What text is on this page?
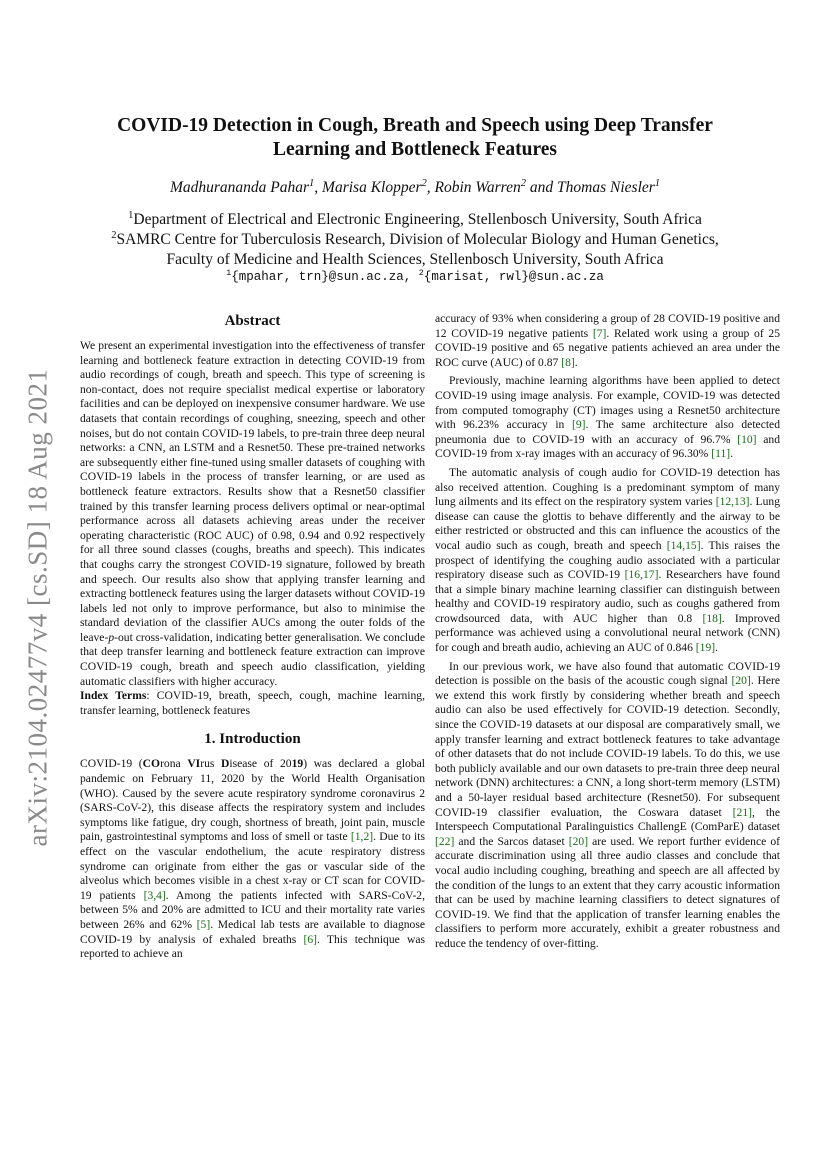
arXiv:2104.02477v4 [cs.SD] 18 Aug 2021
COVID-19 Detection in Cough, Breath and Speech using Deep Transfer Learning and Bottleneck Features
Madhurananda Pahar$^1$, Marisa Klopper$^2$, Robin Warren$^2$ and Thomas Niesler$^1$
$^1$Department of Electrical and Electronic Engineering, Stellenbosch University, South Africa
$^2$SAMRC Centre for Tuberculosis Research, Division of Molecular Biology and Human Genetics,
Faculty of Medicine and Health Sciences, Stellenbosch University, South Africa
$^1${mpahar, trn}@sun.ac.za, $^2${marisat, rwl}@sun.ac.za
Abstract

We present an experimental investigation into the effectiveness of transfer learning and bottleneck feature extraction in detecting COVID-19 from audio recordings of cough, breath and speech. This type of screening is non-contact, does not require specialist medical expertise or laboratory facilities and can be deployed on inexpensive consumer hardware. We use datasets that contain recordings of coughing, sneezing, speech and other noises, but do not contain COVID-19 labels, to pre-train three deep neural networks: a CNN, an LSTM and a Resnet50. These pre-trained networks are subsequently either fine-tuned using smaller datasets of coughing with COVID-19 labels in the process of transfer learning, or are used as bottleneck feature extractors. Results show that a Resnet50 classifier trained by this transfer learning process delivers optimal or near-optimal performance across all datasets achieving areas under the receiver operating characteristic (ROC AUC) of 0.98, 0.94 and 0.92 respectively for all three sound classes (coughs, breaths and speech). This indicates that coughs carry the strongest COVID-19 signature, followed by breath and speech. Our results also show that applying transfer learning and extracting bottleneck features using the larger datasets without COVID-19 labels led not only to improve performance, but also to minimise the standard deviation of the classifier AUCs among the outer folds of the leave-p-out cross-validation, indicating better generalisation. We conclude that deep transfer learning and bottleneck feature extraction can improve COVID-19 cough, breath and speech audio classification, yielding automatic classifiers with higher accuracy.

Index Terms: COVID-19, breath, speech, cough, machine learning, transfer learning, bottleneck features

1. Introduction

COVID-19 (COrona VIrus Disease of 2019) was declared a global pandemic on February 11, 2020 by the World Health Organisation (WHO). Caused by the severe acute respiratory syndrome coronavirus 2 (SARS-CoV-2), this disease affects the respiratory system and includes symptoms like fatigue, dry cough, shortness of breath, joint pain, muscle pain, gastrointestinal symptoms and loss of smell or taste [1,2]. Due to its effect on the vascular endothelium, the acute respiratory distress syndrome can originate from either the gas or vascular side of the alveolus which becomes visible in a chest x-ray or CT scan for COVID-19 patients [3,4]. Among the patients infected with SARS-CoV-2, between 5% and 20% are admitted to ICU and their mortality rate varies between 26% and 62% [5]. Medical lab tests are available to diagnose COVID-19 by analysis of exhaled breaths [6]. This technique was reported to achieve an

accuracy of 93% when considering a group of 28 COVID-19 positive and 12 COVID-19 negative patients [7]. Related work using a group of 25 COVID-19 positive and 65 negative patients achieved an area under the ROC curve (AUC) of 0.87 [8].

Previously, machine learning algorithms have been applied to detect COVID-19 using image analysis. For example, COVID-19 was detected from computed tomography (CT) images using a Resnet50 architecture with 96.23% accuracy in [9]. The same architecture also detected pneumonia due to COVID-19 with an accuracy of 96.7% [10] and COVID-19 from x-ray images with an accuracy of 96.30% [11].

The automatic analysis of cough audio for COVID-19 detection has also received attention. Coughing is a predominant symptom of many lung ailments and its effect on the respiratory system varies [12,13]. Lung disease can cause the glottis to behave differently and the airway to be either restricted or obstructed and this can influence the acoustics of the vocal audio such as cough, breath and speech [14,15]. This raises the prospect of identifying the coughing audio associated with a particular respiratory disease such as COVID-19 [16,17]. Researchers have found that a simple binary machine learning classifier can distinguish between healthy and COVID-19 respiratory audio, such as coughs gathered from crowdsourced data, with AUC higher than 0.8 [18]. Improved performance was achieved using a convolutional neural network (CNN) for cough and breath audio, achieving an AUC of 0.846 [19].

In our previous work, we have also found that automatic COVID-19 detection is possible on the basis of the acoustic cough signal [20]. Here we extend this work firstly by considering whether breath and speech audio can also be used effectively for COVID-19 detection. Secondly, since the COVID-19 datasets at our disposal are comparatively small, we apply transfer learning and extract bottleneck features to take advantage of other datasets that do not include COVID-19 labels. To do this, we use both publicly available and our own datasets to pre-train three deep neural network (DNN) architectures: a CNN, a long short-term memory (LSTM) and a 50-layer residual based architecture (Resnet50). For subsequent COVID-19 classifier evaluation, the Coswara dataset [21], the Interspeech Computational Paralinguistics ChallengE (ComParE) dataset [22] and the Sarcos dataset [20] are used. We report further evidence of accurate discrimination using all three audio classes and conclude that vocal audio including coughing, breathing and speech are all affected by the condition of the lungs to an extent that they carry acoustic information that can be used by machine learning classifiers to detect signatures of COVID-19. We find that the application of transfer learning enables the classifiers to perform more accurately, exhibit a greater robustness and reduce the tendency of over-fitting.
